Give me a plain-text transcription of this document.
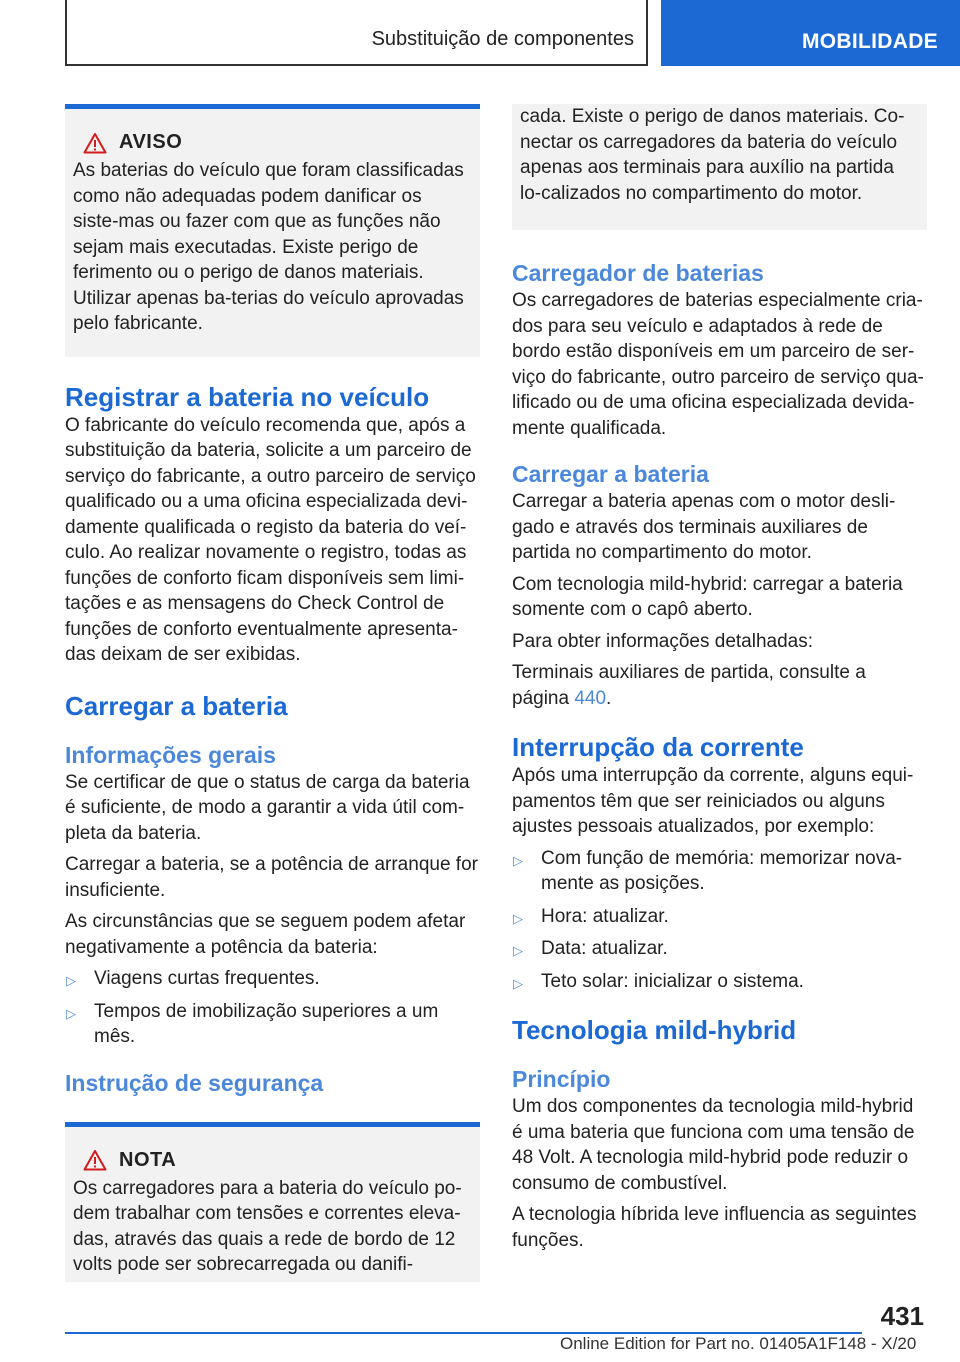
Substituição de componentes	MOBILIDADE
AVISO

As baterias do veículo que foram classificadas como não adequadas podem danificar os siste-mas ou fazer com que as funções não sejam mais executadas. Existe perigo de ferimento ou o perigo de danos materiais. Utilizar apenas ba-terias do veículo aprovadas pelo fabricante.

Registrar a bateria no veículo

O fabricante do veículo recomenda que, após a substituição da bateria, solicite a um parceiro de serviço do fabricante, a outro parceiro de serviço qualificado ou a uma oficina especializada devi-damente qualificada o registo da bateria do veí-culo. Ao realizar novamente o registro, todas as funções de conforto ficam disponíveis sem limi-tações e as mensagens do Check Control de funções de conforto eventualmente apresenta-das deixam de ser exibidas.

Carregar a bateria
Informações gerais

Se certificar de que o status de carga da bateria é suficiente, de modo a garantir a vida útil com-pleta da bateria.

Carregar a bateria, se a potência de arranque for insuficiente.

As circunstâncias que se seguem podem afetar negativamente a potência da bateria:

▷ Viagens curtas frequentes.
▷ Tempos de imobilização superiores a um mês.
Instrução de segurança
NOTA

Os carregadores para a bateria do veículo po-dem trabalhar com tensões e correntes eleva-das, através das quais a rede de bordo de 12 volts pode ser sobrecarregada ou danifi-

cada. Existe o perigo de danos materiais. Co-nectar os carregadores da bateria do veículo apenas aos terminais para auxílio na partida lo-calizados no compartimento do motor.

Carregador de baterias

Os carregadores de baterias especialmente cria-dos para seu veículo e adaptados à rede de bordo estão disponíveis em um parceiro de ser-viço do fabricante, outro parceiro de serviço qua-lificado ou de uma oficina especializada devida-mente qualificada.

Carregar a bateria

Carregar a bateria apenas com o motor desli-gado e através dos terminais auxiliares de partida no compartimento do motor.

Com tecnologia mild-hybrid: carregar a bateria somente com o capô aberto.

Para obter informações detalhadas:

Terminais auxiliares de partida, consulte a página 440.

Interrupção da corrente

Após uma interrupção da corrente, alguns equi-pamentos têm que ser reiniciados ou alguns ajustes pessoais atualizados, por exemplo:

▷ Com função de memória: memorizar nova-mente as posições.
▷ Hora: atualizar.
▷ Data: atualizar.
▷ Teto solar: inicializar o sistema.
Tecnologia mild-hybrid
Princípio

Um dos componentes da tecnologia mild-hybrid é uma bateria que funciona com uma tensão de 48 Volt. A tecnologia mild-hybrid pode reduzir o consumo de combustível.

A tecnologia híbrida leve influencia as seguintes funções.

431
Online Edition for Part no. 01405A1F148 - X/20
